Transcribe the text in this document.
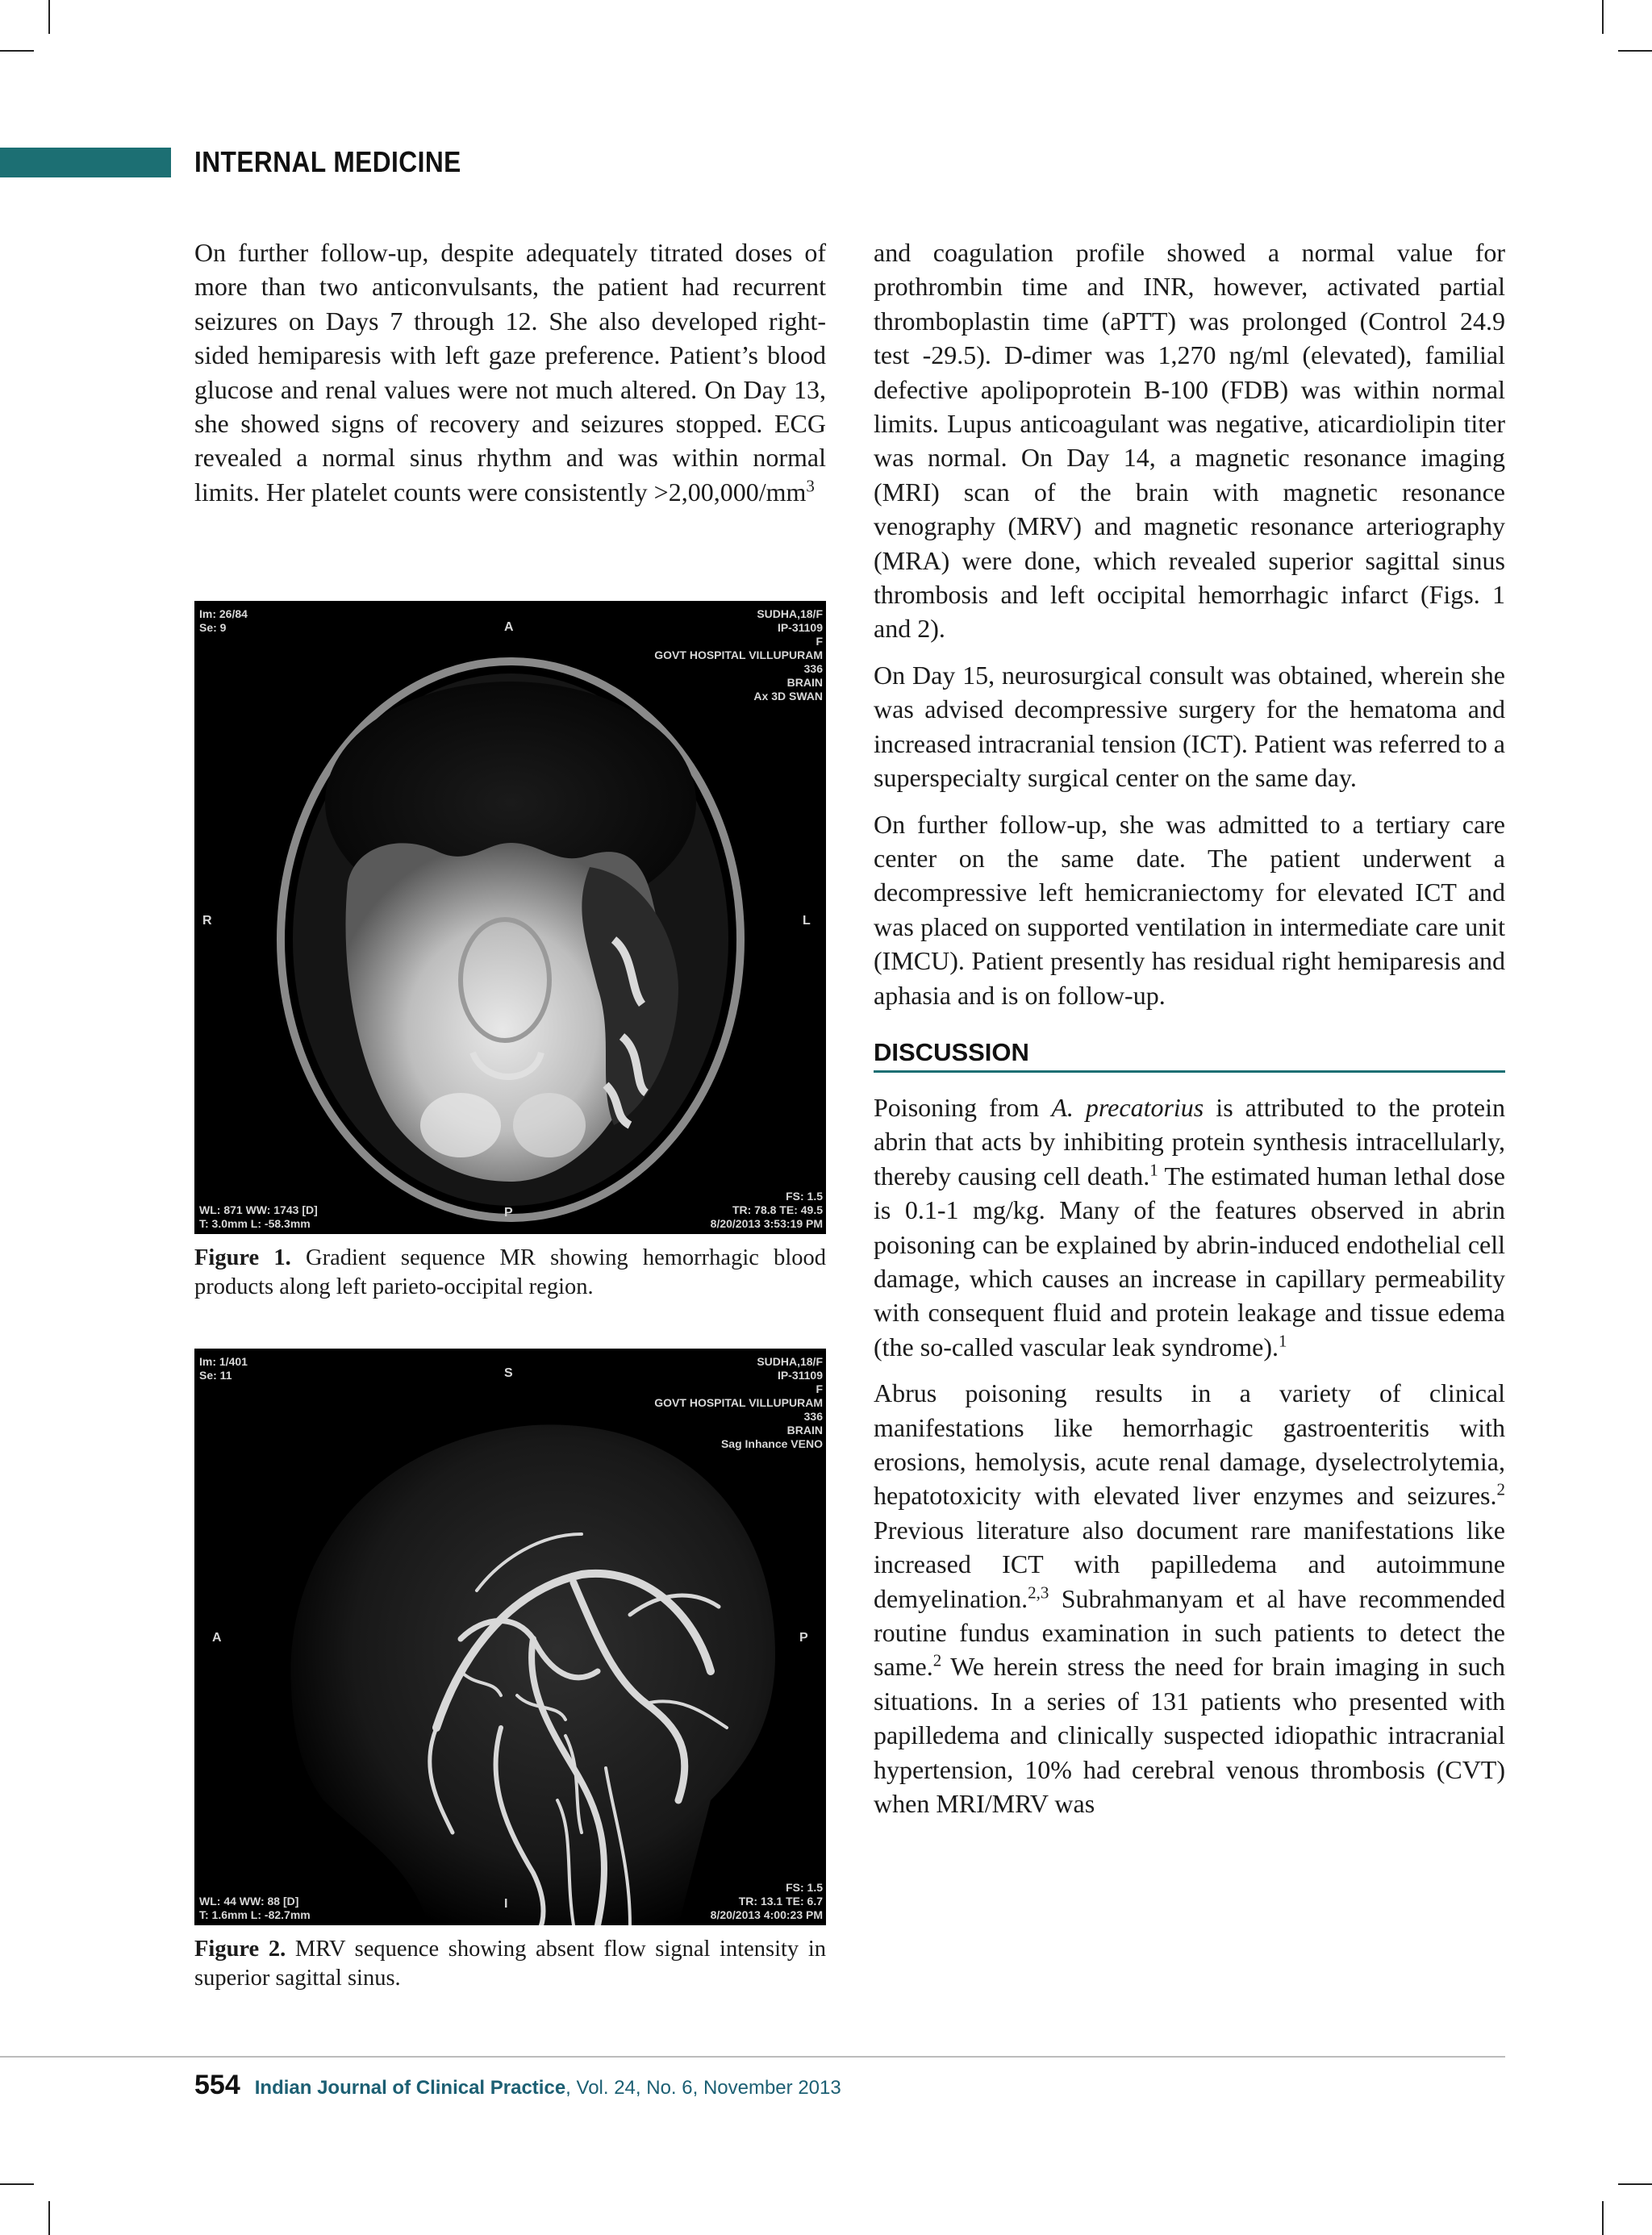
INTERNAL MEDICINE

On further follow-up, despite adequately titrated doses of more than two anticonvulsants, the patient had recurrent seizures on Days 7 through 12. She also developed right-sided hemiparesis with left gaze preference. Patient’s blood glucose and renal values were not much altered. On Day 13, she showed signs of recovery and seizures stopped. ECG revealed a normal sinus rhythm and was within normal limits. Her platelet counts were consistently $>2,00,000/mm^3$

Im: 26/84
Se: 9
SUDHA,18/F
IP-31109
F
GOVT HOSPITAL VILLUPURAM
336
BRAIN
Ax 3D SWAN
A
R	L
P
WL: 871 WW: 1743 [D]
T: 3.0mm L: -58.3mm
FS: 1.5
TR: 78.8 TE: 49.5
8/20/2013 3:53:19 PM
Figure 1. Gradient sequence MR showing hemorrhagic blood products along left parieto-occipital region.
Im: 1/401
Se: 11
SUDHA,18/F
IP-31109
F
GOVT HOSPITAL VILLUPURAM
336
BRAIN
Sag Inhance VENO
S
A	P
I
WL: 44 WW: 88 [D]
T: 1.6mm L: -82.7mm
FS: 1.5
TR: 13.1 TE: 6.7
8/20/2013 4:00:23 PM
Figure 2. MRV sequence showing absent flow signal intensity in superior sagittal sinus.

and coagulation profile showed a normal value for prothrombin time and INR, however, activated partial thromboplastin time (aPTT) was prolonged (Control 24.9 test -29.5). D-dimer was 1,270 ng/ml (elevated), familial defective apolipoprotein B-100 (FDB) was within normal limits. Lupus anticoagulant was negative, aticardiolipin titer was normal. On Day 14, a magnetic resonance imaging (MRI) scan of the brain with magnetic resonance venography (MRV) and magnetic resonance arteriography (MRA) were done, which revealed superior sagittal sinus thrombosis and left occipital hemorrhagic infarct (Figs. 1 and 2).

On Day 15, neurosurgical consult was obtained, wherein she was advised decompressive surgery for the hematoma and increased intracranial tension (ICT). Patient was referred to a superspecialty surgical center on the same day.

On further follow-up, she was admitted to a tertiary care center on the same date. The patient underwent a decompressive left hemicraniectomy for elevated ICT and was placed on supported ventilation in intermediate care unit (IMCU). Patient presently has residual right hemiparesis and aphasia and is on follow-up.

DISCUSSION

Poisoning from A. precatorius is attributed to the protein abrin that acts by inhibiting protein synthesis intracellularly, thereby causing cell death.$^1$ The estimated human lethal dose is 0.1-1 mg/kg. Many of the features observed in abrin poisoning can be explained by abrin-induced endothelial cell damage, which causes an increase in capillary permeability with consequent fluid and protein leakage and tissue edema (the so-called vascular leak syndrome).$^1$

Abrus poisoning results in a variety of clinical manifestations like hemorrhagic gastroenteritis with erosions, hemolysis, acute renal damage, dyselectrolytemia, hepatotoxicity with elevated liver enzymes and seizures.$^2$ Previous literature also document rare manifestations like increased ICT with papilledema and autoimmune demyelination.$^{2,3}$ Subrahmanyam et al have recommended routine fundus examination in such patients to detect the same.$^2$ We herein stress the need for brain imaging in such situations. In a series of 131 patients who presented with papilledema and clinically suspected idiopathic intracranial hypertension, 10% had cerebral venous thrombosis (CVT) when MRI/MRV was

554 Indian Journal of Clinical Practice, Vol. 24, No. 6, November 2013
